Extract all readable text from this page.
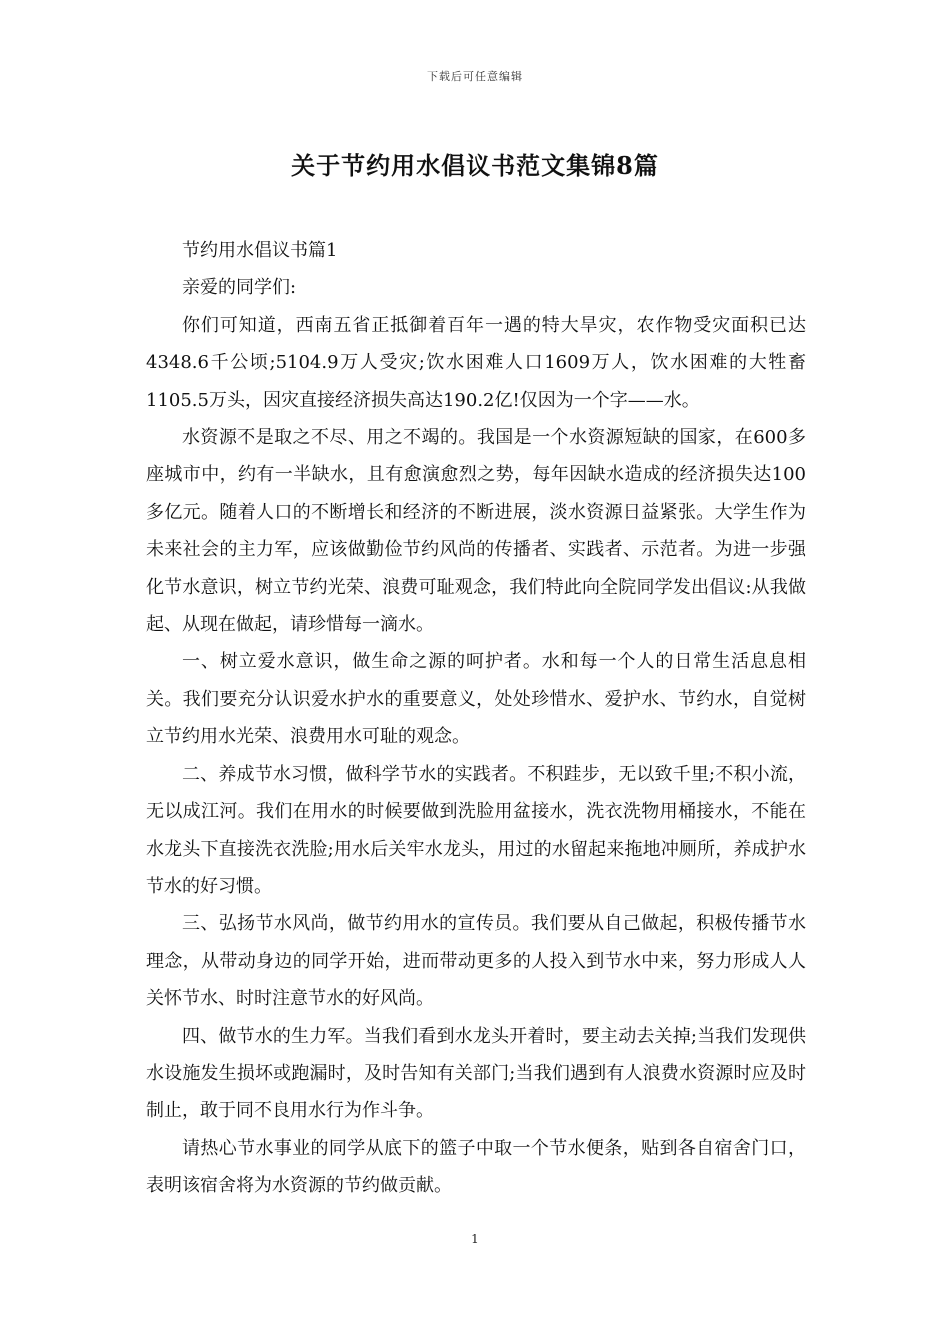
下载后可任意编辑
关于节约用水倡议书范文集锦8篇

节约用水倡议书篇1

亲爱的同学们:

你们可知道，西南五省正抵御着百年一遇的特大旱灾，农作物受灾面积已达4348.6千公顷;5104.9万人受灾;饮水困难人口1609万人，饮水困难的大牲畜1105.5万头，因灾直接经济损失高达190.2亿!仅因为一个字——水。

水资源不是取之不尽、用之不竭的。我国是一个水资源短缺的国家，在600多座城市中，约有一半缺水，且有愈演愈烈之势，每年因缺水造成的经济损失达100多亿元。随着人口的不断增长和经济的不断进展，淡水资源日益紧张。大学生作为未来社会的主力军，应该做勤俭节约风尚的传播者、实践者、示范者。为进一步强化节水意识，树立节约光荣、浪费可耻观念，我们特此向全院同学发出倡议:从我做起、从现在做起，请珍惜每一滴水。

一、树立爱水意识，做生命之源的呵护者。水和每一个人的日常生活息息相关。我们要充分认识爱水护水的重要意义，处处珍惜水、爱护水、节约水，自觉树立节约用水光荣、浪费用水可耻的观念。

二、养成节水习惯，做科学节水的实践者。不积跬步，无以致千里;不积小流，无以成江河。我们在用水的时候要做到洗脸用盆接水，洗衣洗物用桶接水，不能在水龙头下直接洗衣洗脸;用水后关牢水龙头，用过的水留起来拖地冲厕所，养成护水节水的好习惯。

三、弘扬节水风尚，做节约用水的宣传员。我们要从自己做起，积极传播节水理念，从带动身边的同学开始，进而带动更多的人投入到节水中来，努力形成人人关怀节水、时时注意节水的好风尚。

四、做节水的生力军。当我们看到水龙头开着时，要主动去关掉;当我们发现供水设施发生损坏或跑漏时，及时告知有关部门;当我们遇到有人浪费水资源时应及时制止，敢于同不良用水行为作斗争。

请热心节水事业的同学从底下的篮子中取一个节水便条，贴到各自宿舍门口，表明该宿舍将为水资源的节约做贡献。

1
